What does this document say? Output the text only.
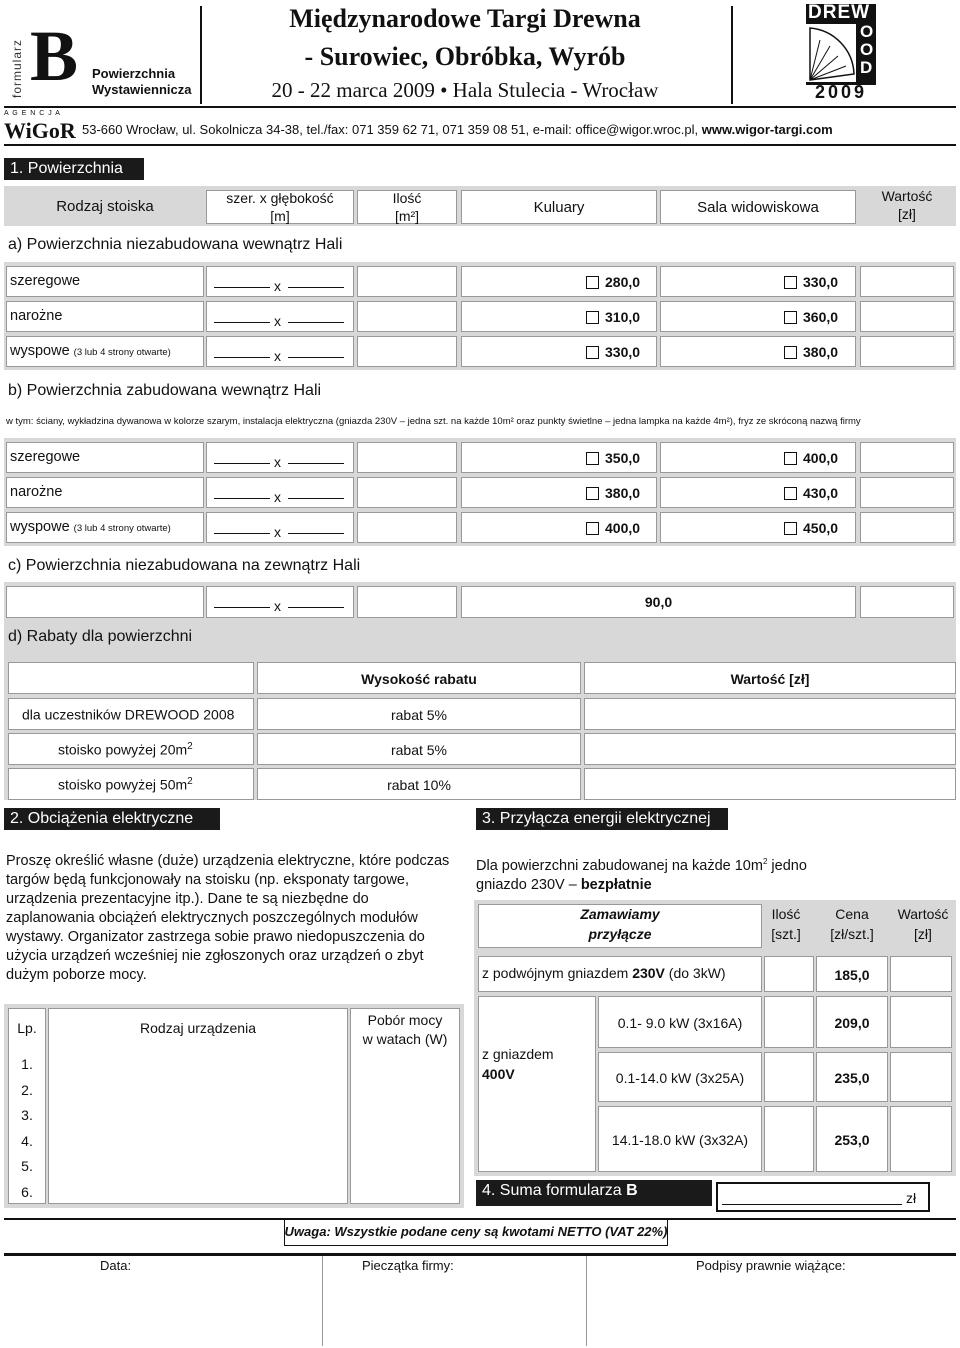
formularz B Powierzchnia
Wystawiennicza
Międzynarodowe Targi Drewna
- Surowiec, Obróbka, Wyrób
20 - 22 marca 2009 • Hala Stulecia - Wrocław
DREW
O
O
D
2009
A G E N C J A
WiGoR 53-660 Wrocław, ul. Sokolnicza 34-38, tel./fax: 071 359 62 71, 071 359 08 51, e-mail: office@wigor.wroc.pl, www.wigor-targi.com
1. Powierzchnia
Rodzaj stoiska	szer. x głębokość
[m]
Ilość
[m²]	Kuluary	Sala widowiskowa
Wartość
[zł]
a) Powierzchnia niezabudowana wewnątrz Hali
szeregowe	x	280,0	330,0
narożne	x	310,0	360,0
wyspowe (3 lub 4 strony otwarte)	x	330,0	380,0
b) Powierzchnia zabudowana wewnątrz Hali
w tym: ściany, wykładzina dywanowa w kolorze szarym, instalacja elektryczna (gniazda 230V – jedna szt. na każde 10m² oraz punkty świetlne – jedna lampka na każde 4m²), fryz ze skróconą nazwą firmy
szeregowe	x	350,0	400,0
narożne	x	380,0	430,0
wyspowe (3 lub 4 strony otwarte)	x	400,0	450,0
c) Powierzchnia niezabudowana na zewnątrz Hali
x	90,0
d) Rabaty dla powierzchni
Wysokość rabatu	Wartość [zł]
dla uczestników DREWOOD 2008	rabat 5%
stoisko powyżej $20m^2$	rabat 5%
stoisko powyżej $50m^2$	rabat 10%
2. Obciążenia elektryczne
Proszę określić własne (duże) urządzenia elektryczne, które podczas targów będą funkcjonowały na stoisku (np. eksponaty targowe, urządzenia prezentacyjne itp.). Dane te są niezbędne do zaplanowania obciążeń elektrycznych poszczególnych modułów wystawy. Organizator zastrzega sobie prawo niedopuszczenia do użycia urządzeń wcześniej nie zgłoszonych oraz urządzeń o zbyt dużym poborze mocy.
Lp.	Rodzaj urządzenia	Pobór mocy
w watach (W)
1.
2.
3.
4.
5.
6.
3. Przyłącza energii elektrycznej
Dla powierzchni zabudowanej na każde $10m^2$ jedno gniazdo 230V – bezpłatnie
Zamawiamy
przyłącze
Ilość
[szt.]
Cena
[zł/szt.]
Wartość
[zł]
z podwójnym gniazdem 230V (do 3kW)	185,0
z gniazdem
400V
0.1- 9.0 kW (3x16A)	209,0
0.1-14.0 kW (3x25A)	235,0
14.1-18.0 kW (3x32A)	253,0
4. Suma formularza B	zł
Uwaga: Wszystkie podane ceny są kwotami NETTO (VAT 22%)
Data:	Pieczątka firmy:	Podpisy prawnie wiążące:
